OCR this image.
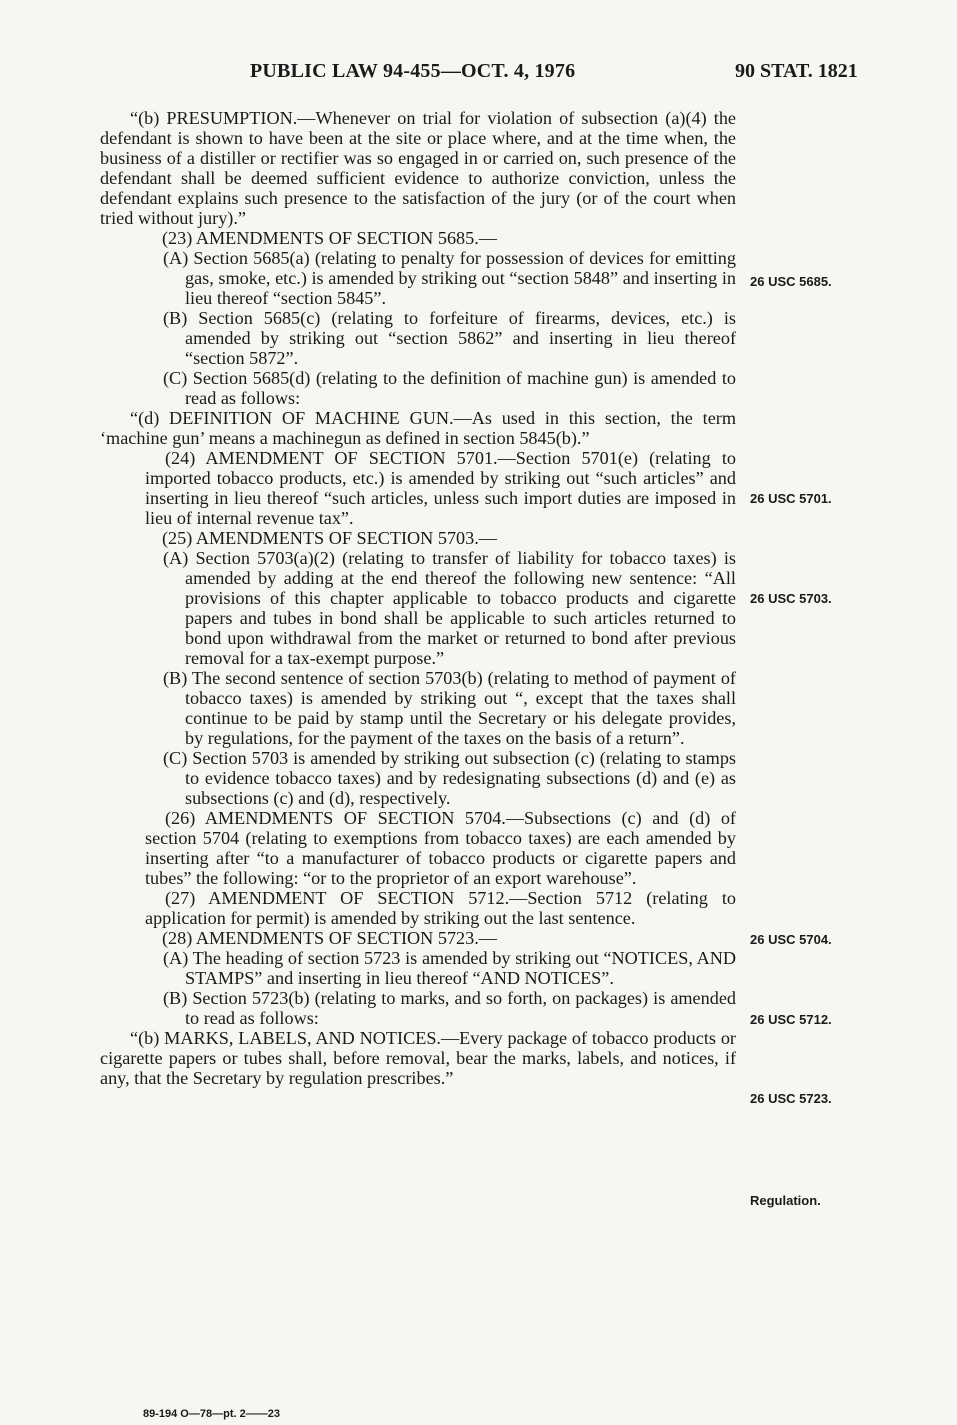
PUBLIC LAW 94-455—OCT. 4, 1976	90 STAT. 1821

“(b) PRESUMPTION.—Whenever on trial for violation of subsection (a)(4) the defendant is shown to have been at the site or place where, and at the time when, the business of a distiller or rectifier was so engaged in or carried on, such presence of the defendant shall be deemed sufficient evidence to authorize conviction, unless the defendant explains such presence to the satisfaction of the jury (or of the court when tried without jury).”

(23) AMENDMENTS OF SECTION 5685.—

(A) Section 5685(a) (relating to penalty for possession of devices for emitting gas, smoke, etc.) is amended by striking out “section 5848” and inserting in lieu thereof “section 5845”.

(B) Section 5685(c) (relating to forfeiture of firearms, devices, etc.) is amended by striking out “section 5862” and inserting in lieu thereof “section 5872”.

(C) Section 5685(d) (relating to the definition of machine gun) is amended to read as follows:

“(d) DEFINITION OF MACHINE GUN.—As used in this section, the term ‘machine gun’ means a machinegun as defined in section 5845(b).”

(24) AMENDMENT OF SECTION 5701.—Section 5701(e) (relating to imported tobacco products, etc.) is amended by striking out “such articles” and inserting in lieu thereof “such articles, unless such import duties are imposed in lieu of internal revenue tax”.

(25) AMENDMENTS OF SECTION 5703.—

(A) Section 5703(a)(2) (relating to transfer of liability for tobacco taxes) is amended by adding at the end thereof the following new sentence: “All provisions of this chapter applicable to tobacco products and cigarette papers and tubes in bond shall be applicable to such articles returned to bond upon withdrawal from the market or returned to bond after previous removal for a tax-exempt purpose.”

(B) The second sentence of section 5703(b) (relating to method of payment of tobacco taxes) is amended by striking out “, except that the taxes shall continue to be paid by stamp until the Secretary or his delegate provides, by regulations, for the payment of the taxes on the basis of a return”.

(C) Section 5703 is amended by striking out subsection (c) (relating to stamps to evidence tobacco taxes) and by redesignating subsections (d) and (e) as subsections (c) and (d), respectively.

(26) AMENDMENTS OF SECTION 5704.—Subsections (c) and (d) of section 5704 (relating to exemptions from tobacco taxes) are each amended by inserting after “to a manufacturer of tobacco products or cigarette papers and tubes” the following: “or to the proprietor of an export warehouse”.

(27) AMENDMENT OF SECTION 5712.—Section 5712 (relating to application for permit) is amended by striking out the last sentence.

(28) AMENDMENTS OF SECTION 5723.—

(A) The heading of section 5723 is amended by striking out “NOTICES, AND STAMPS” and inserting in lieu thereof “AND NOTICES”.

(B) Section 5723(b) (relating to marks, and so forth, on packages) is amended to read as follows:

“(b) MARKS, LABELS, AND NOTICES.—Every package of tobacco products or cigarette papers or tubes shall, before removal, bear the marks, labels, and notices, if any, that the Secretary by regulation prescribes.”

26 USC 5685.
26 USC 5701.
26 USC 5703.
26 USC 5704.
26 USC 5712.
26 USC 5723.
Regulation.
89-194 O—78—pt. 2——23
